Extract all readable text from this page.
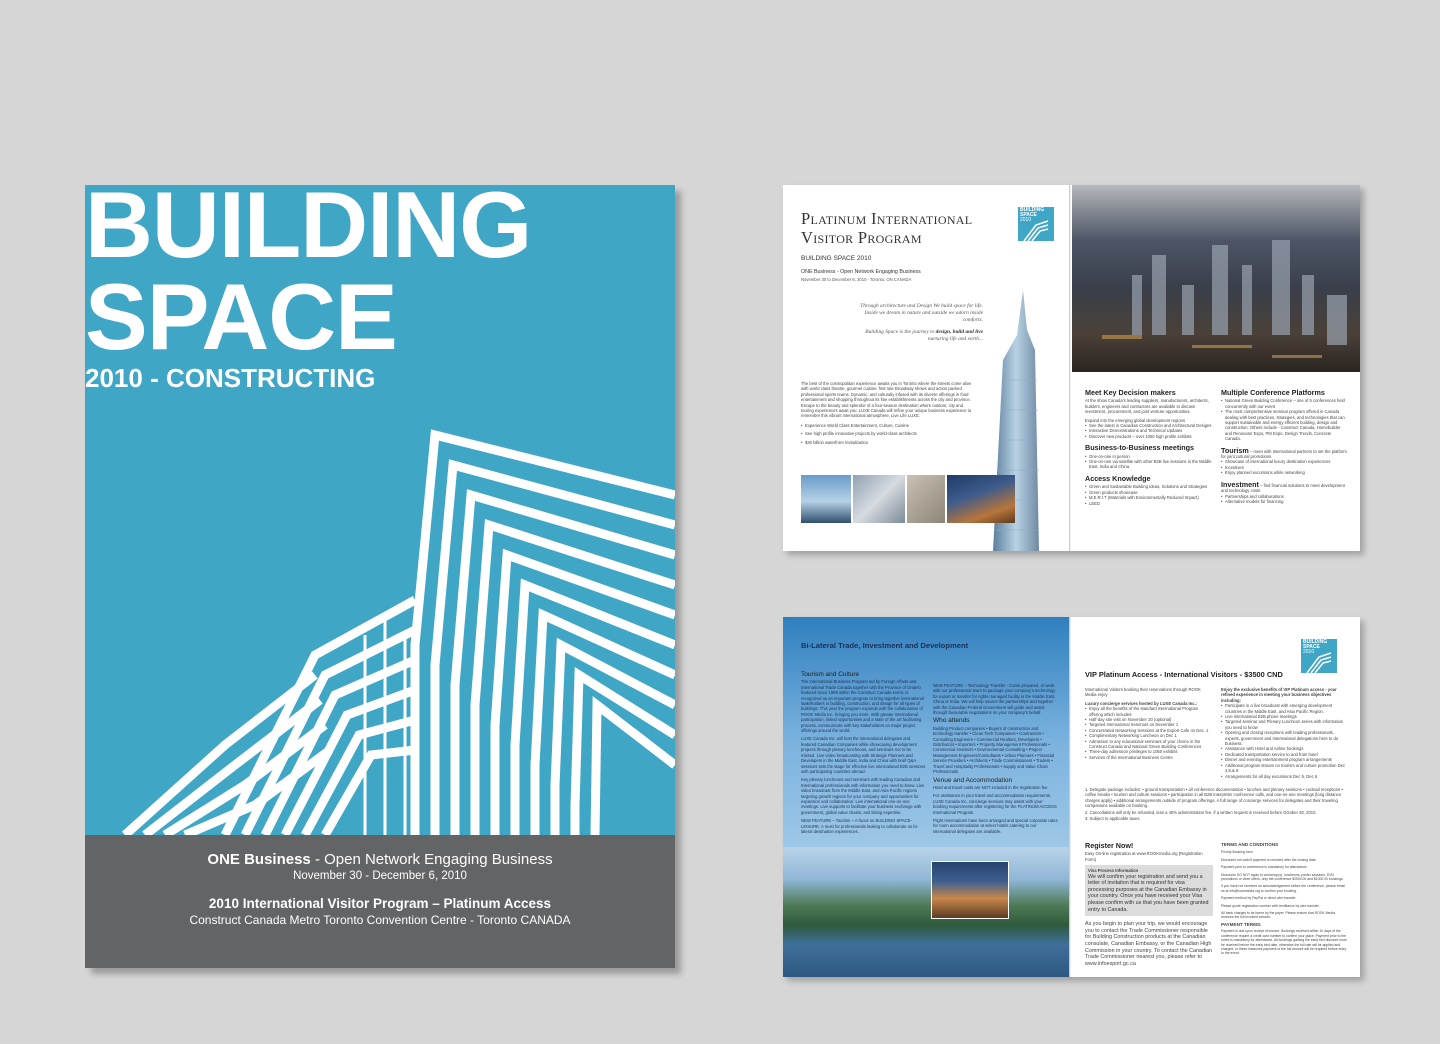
BUILDING
SPACE
2010 - CONSTRUCTING
ONE Business - Open Network Engaging Business
November 30 - December 6, 2010
2010 International Visitor Program – Platinum Access
Construct Canada Metro Toronto Convention Centre - Toronto CANADA
Platinum International
Visitor Program
BUILDING
SPACE
2010
BUILDING SPACE 2010
ONE Business - Open Network Engaging Business
November 30 to December 6, 2010 - Toronto, ON CANADA
Through architecture and Design We build space for life. Inside we dream in nature and outside we adorn inside comforts.
Building Space is the journey to design, build and live nurturing life and earth...

The best of the cosmopolitan experience awaits you in Toronto where the streets come alive with world class theatre, gourmet cuisine, first rate Broadway shows and action packed professional sports teams. Dynamic, and culturally infused with its diverse offerings in food entertainment and shopping throughout its fine establishments across the city and province. Escape to the beauty and splendor of a four-season destination where outdoor, city and touring experiences await you. LUXE Canada will refine your unique business experience to remember this vibrant international atmosphere, Live Life LUXE.

• Experience World Class Entertainment, Culture, Cuisine
• See high profile innovative projects by world-class architects
• $30 billion waterfront revitalization
Meet Key Decision makers

At the show Canada’s leading suppliers, manufacturers, architects, builders, engineers and contractors are available to discuss investment, procurement, and joint venture opportunities.

Expand into the emerging global development regions
• See the latest in Canadian Construction and Architectural Designs
• Interactive Demonstrations and Technical Updates
• Discover new products – over 1050 high profile exhibits
Business-to-Business meetings
• One-on-one in person
• One-on-one via satellite with other B2B live sessions in the Middle East, India and China
Access Knowledge
• Green and Sustainable Building Ideas, Solutions and Strategies
• Green products showcase
• M.E.R.I.T (Materials with Environmentally Reduced Impact)
• LEED
Multiple Conference Platforms
• National Green Building Conference – one of 5 conferences held concurrently with our event
• The most comprehensive seminar program offered in Canada dealing with best practices, strategies, and technologies that can support sustainable and energy efficient building, design and construction. Others include - Construct Canada, Homebuilder and Renovator Expo, PM Expo, Design Trends, Concrete Canada.
Tourism – meet with International partners to set the platform for joint cultural promotions
• Showcase of international luxury destination experiences
• Incentives
• Enjoy planned excursions while networking
Investment – find financial solutions to meet development and technology costs
• Partnerships and collaborations
• Alternative models for financing
Bi-Lateral Trade, Investment and Development
Tourism and Culture

The International Business Program led by Foreign Affairs and International Trade Canada together with the Province of Ontario featured since 1989 within the Construct Canada event, is recognized as an important program to bring together international stakeholders in building, construction, and design for all types of buildings. This year the program expands with the collaboration of ROOK Media Inc. bringing you more. With greater International participation, linked opportunities and a state of the art facilitating process, communicate with key stakeholders on major project offerings around the world.

LUXE Canada Inc. will host the international delegates and featured Canadian Companies while showcasing development projects through plenary luncheons, and seminars not to be missed. Live video broadcasting with Strategic Planners and Developers in the Middle East, India and China with brief Q&A sessions sets the stage for effective live international B2B sessions with participating countries abroad.

Key plenary luncheons and seminars with leading Canadian and International professionals with information you need to know. Live video broadcast from the Middle East, and Asia Pacific regions targeting growth regions for your company and opportunities for expansion and collaboration. Live international one-on-one meetings. Live supports to facilitate your business exchange with government, global value chains, and listing expertise.

NEW FEATURE – Tourism – A focus on BUILDING SPACE-LEISURE. A must for professionals looking to collaborate on bi-lateral destination experiences.

NEW FEATURE – Technology Transfer - Come prepared, or work with our professional team to package your company’s technology for export or transfer for rights managed facility in the Middle East, China or India. We will help source the partnerships and together with the Canadian Federal Government will guide and assist through favourable negotiations on your company’s behalf.

Who attends

Building Product companies • Buyers of construction and technology transfer • Clean Tech Companies • Contractors • Consulting Engineers • Commercial Realtors, Developers • Distributors • Importers • Property Management Professionals • Commercial Investors • Environmental Consulting • Project Management Engineers/Consultants • Urban Planners • Financial Service Providers • Architects • Trade Commissioners • Traders • Travel and Hospitality Professionals • Supply and Value Chain Professionals

Venue and Accommodation

Hotel and travel costs are NOT included in the registration fee.

For assistance in your travel and accommodation requirements, LUXE Canada Inc. concierge services may assist with your booking requirements after registering for the PLATINUM ACCESS International Program.

Flight reservations have been arranged and special corporate rates for room accommodation at select hotels catering to our international delegates are available.

VIP Platinum Access - International Visitors - $3500 CND
BUILDING
SPACE
2010

International Visitors booking their reservations through ROOK Media enjoy

Luxury concierge services hosted by LUXE Canada Inc.:
• Enjoy all the benefits of the standard International Program offering which includes:
• Half-day site visit on November 30 (optional)
• Targeted International Seminars on December 1
• Concentrated Networking Sessions at the Export Cafe on Dec. 1
• Complimentary Networking Luncheon on Dec 1
• Admission to any educational seminars of your choice in the Construct Canada and National Green Building Conferences
• Three-day admission privileges to 1050 exhibits
• Services of the International Business Centre
Enjoy the exclusive benefits of VIP Platinum access - your refined experience in meeting your business objectives including:
• Participate in a live broadcast with emerging development countries in the Middle East, and Asia Pacific Region.
• Live international B2B phone meetings
• Targeted seminar and Plenary Luncheon series with information you need to know
• Opening and closing receptions with leading professionals, experts, government and International delegations here to do business.
• Assistance with Hotel and Airline bookings
• Dedicated transportation service to and from hotel
• Dinner and evening entertainment program arrangements
• Additional program stream on tourism and culture promotion Dec 4,5,& 6
• Arrangements for all day excursions Dec 5, Dec 6

1. Delegate package includes: • ground transportation • all conference documentation • lunches and plenary sessions • cocktail receptions • coffee breaks • tourism and culture sessions • participation in all B2B interpreter conference calls, and one-on-one meetings (long distance charges apply) • additional arrangements outside of program offerings. A full range of concierge services for delegates and their traveling companions available on booking.

2. Cancellations will only be refunded, less a 40% administration fee, if a written request is received before October 30, 2010.

3. Subject to applicable taxes.

Register Now!

Easy On-line registration at www.ROOKmedia.org (Registration Form)

Visa Process Information
We will confirm your registration and send you a letter of invitation that is required for visa processing purposes at the Canadian Embassy in your country. Once you have received your Visa please confirm with us that you have been granted entry to Canada.

As you begin to plan your trip, we would encourage you to contact the Trade Commissioner responsible for Building Construction products at the Canadian consulate, Canadian Embassy, or the Canadian High Commission in your country. To contact the Canadian Trade Commissioner nearest you, please refer to www.infoexport.gc.ca

TERMS AND CONDITIONS

Priority Booking form:

Discounts not valid if payment is received after the closing date.

Payment prior to conference is mandatory for attendance.

Discounts DO NOT apply to workshop(s), luncheons, poster sessions, DVD promotions or other offers, only the conference $2500.00 and $1000.00 bookings.

If you have not received an acknowledgement before the conference, please email us at info@rookmedia.org to confirm your booking.

Payment method by PayPal or direct wire transfer.

Please quote registration number with remittance by wire transfer.

All bank charges to be borne by the payer. Please ensure that ROOK Media receives the full invoiced amount.

PAYMENT TERMS:

Payment is due upon receipt of invoice. Bookings received within 10 days of the conference require a credit card number to confirm your place. Payment prior to the event is mandatory for attendance. All bookings gaining the early bird discount must be received before the early bird date, otherwise the full rate will be applied and charged. In these instances payment of the full amount will be required before entry to the event.
